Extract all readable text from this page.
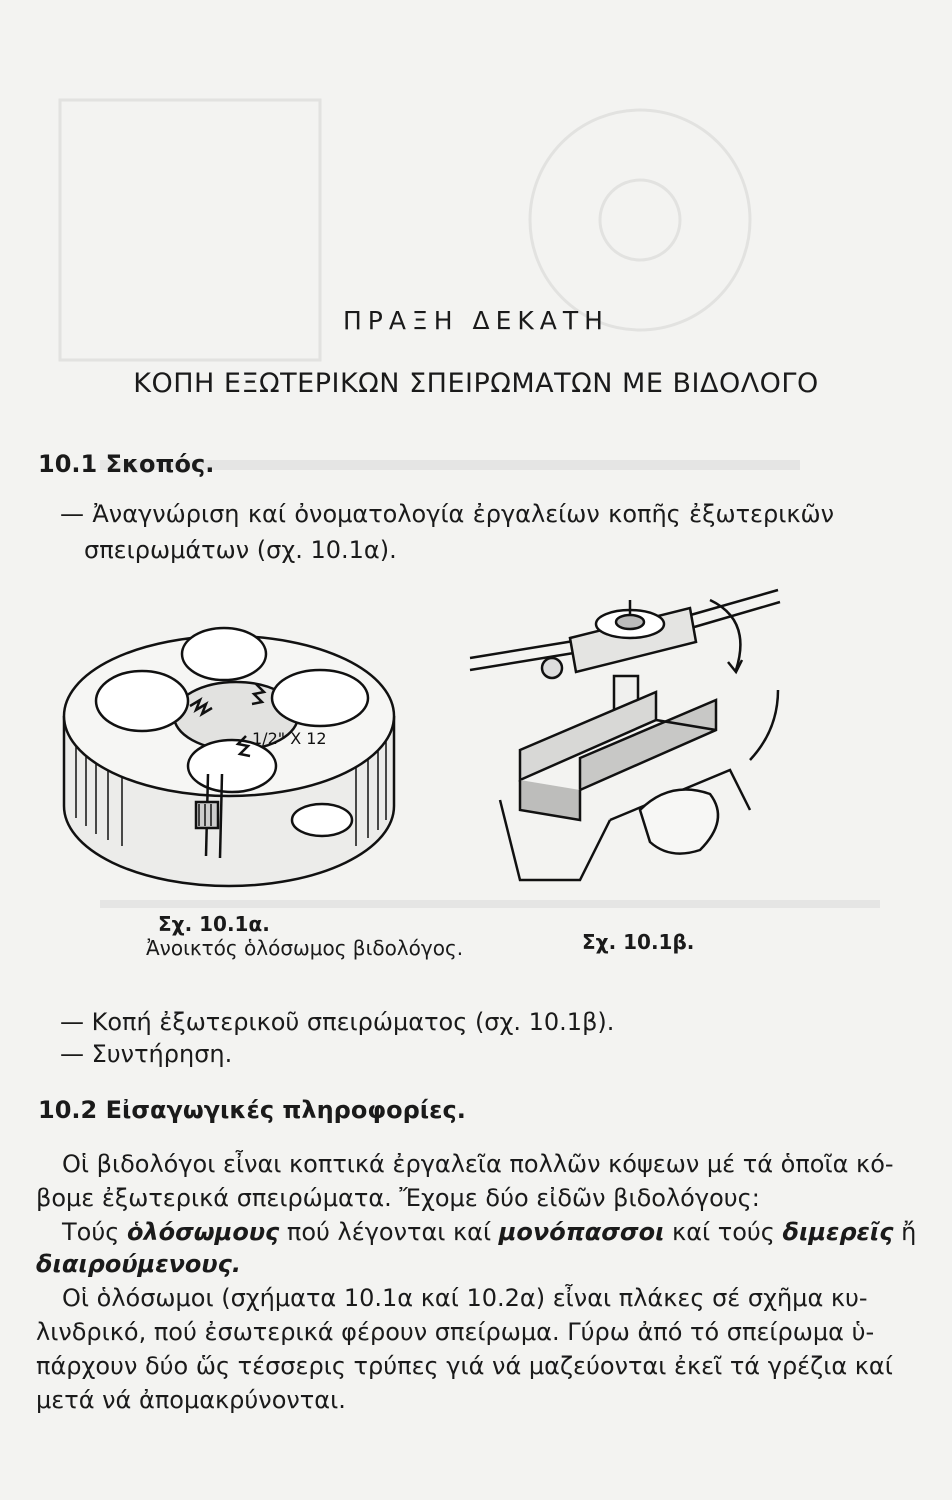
ΠΡΑΞΗ ΔΕΚΑΤΗ
ΚΟΠΗ ΕΞΩΤΕΡΙΚΩΝ ΣΠΕΙΡΩΜΑΤΩΝ ΜΕ ΒΙΔΟΛΟΓΟ
10.1 Σκοπός.
— Ἀναγνώριση καί ὀνοματολογία ἐργαλείων κοπῆς ἐξωτερικῶν
σπειρωμάτων (σχ. 10.1α).
1/2" X 12
Σχ. 10.1α.
Ἀνοικτός ὁλόσωμος βιδολόγος.	Σχ. 10.1β.
— Κοπή ἐξωτερικοῦ σπειρώματος (σχ. 10.1β).
— Συντήρηση.
10.2 Εἰσαγωγικές πληροφορίες.
Οἱ βιδολόγοι εἶναι κοπτικά ἐργαλεῖα πολλῶν κόψεων μέ τά ὁποῖα κό-
βομε ἐξωτερικά σπειρώματα. Ἔχομε δύο εἰδῶν βιδολόγους:
Τούς ὁλόσωμους πού λέγονται καί μονόπασσοι καί τούς διμερεῖς ἤ
διαιρούμενους.
Οἱ ὁλόσωμοι (σχήματα 10.1α καί 10.2α) εἶναι πλάκες σέ σχῆμα κυ-
λινδρικό, πού ἐσωτερικά φέρουν σπείρωμα. Γύρω ἀπό τό σπείρωμα ὑ-
πάρχουν δύο ὥς τέσσερις τρύπες γιά νά μαζεύονται ἐκεῖ τά γρέζια καί
μετά νά ἀπομακρύνονται.
